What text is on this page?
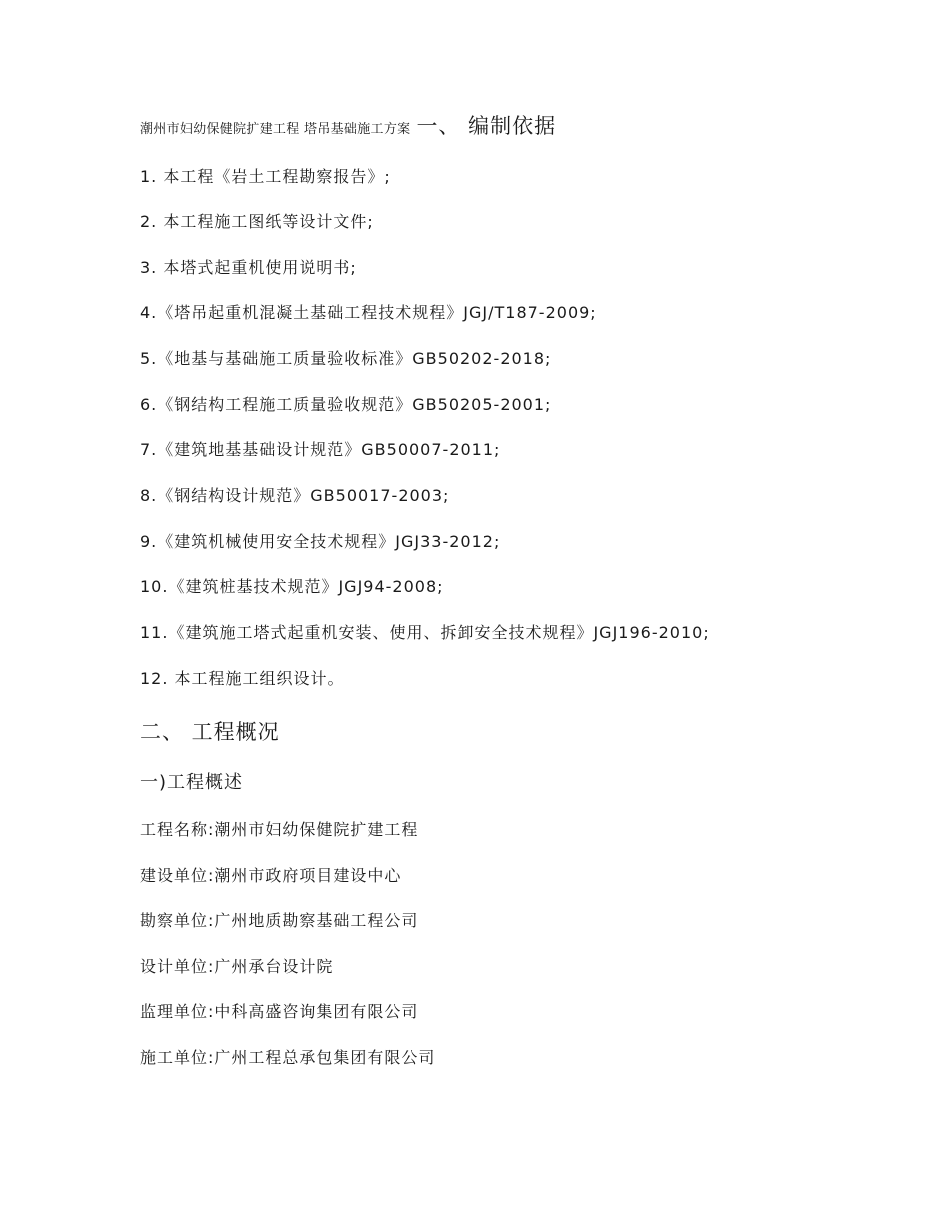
潮州市妇幼保健院扩建工程 塔吊基础施工方案 一、 编制依据
1. 本工程《岩土工程勘察报告》;
2. 本工程施工图纸等设计文件;
3. 本塔式起重机使用说明书;
4.《塔吊起重机混凝土基础工程技术规程》JGJ/T187-2009;
5.《地基与基础施工质量验收标准》GB50202-2018;
6.《钢结构工程施工质量验收规范》GB50205-2001;
7.《建筑地基基础设计规范》GB50007-2011;
8.《钢结构设计规范》GB50017-2003;
9.《建筑机械使用安全技术规程》JGJ33-2012;
10.《建筑桩基技术规范》JGJ94-2008;
11.《建筑施工塔式起重机安装、使用、拆卸安全技术规程》JGJ196-2010;
12. 本工程施工组织设计。
二、 工程概况
一)工程概述
工程名称:潮州市妇幼保健院扩建工程
建设单位:潮州市政府项目建设中心
勘察单位:广州地质勘察基础工程公司
设计单位:广州承台设计院
监理单位:中科高盛咨询集团有限公司
施工单位:广州工程总承包集团有限公司
